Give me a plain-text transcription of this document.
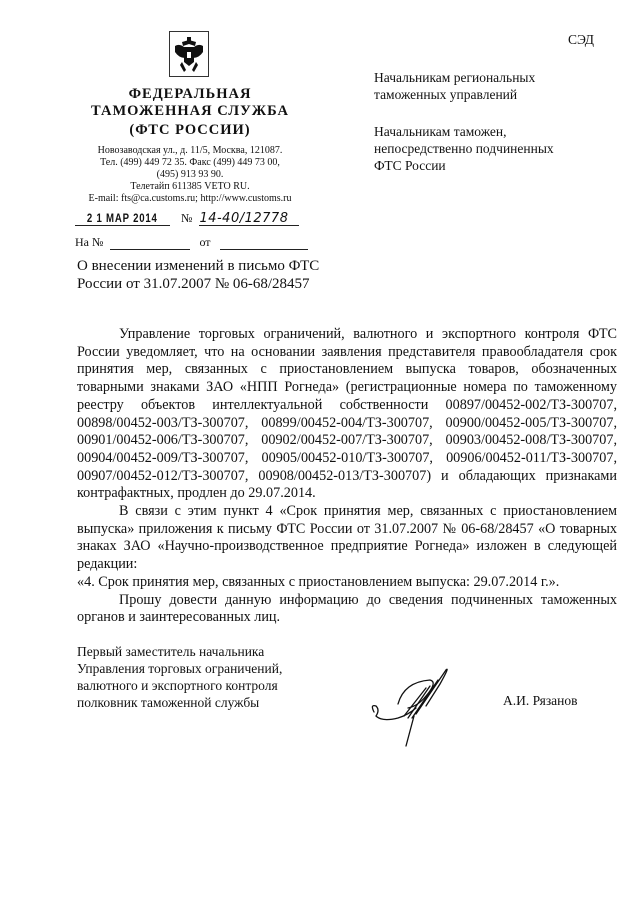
СЭД
ФЕДЕРАЛЬНАЯ
ТАМОЖЕННАЯ СЛУЖБА
(ФТС РОССИИ)
Новозаводская ул., д. 11/5, Москва, 121087.
Тел. (499) 449 72 35. Факс (499) 449 73 00,
(495) 913 93 90.
Телетайп 611385 VETO RU.
E-mail: fts@ca.customs.ru; http://www.customs.ru
2 1 MAP 2014 № 14-40/12778
На №	от
Начальникам региональных
таможенных управлений
Начальникам таможен,
непосредственно подчиненных
ФТС России
О внесении изменений в письмо ФТС
России от 31.07.2007 № 06-68/28457

Управление торговых ограничений, валютного и экспортного контроля ФТС России уведомляет, что на основании заявления представителя правообладателя срок принятия мер, связанных с приостановлением выпуска товаров, обозначенных товарными знаками ЗАО «НПП Рогнеда» (регистрационные номера по таможенному реестру объектов интеллектуальной собственности 00897/00452-002/ТЗ-300707, 00898/00452-003/ТЗ-300707, 00899/00452-004/ТЗ-300707, 00900/00452-005/ТЗ-300707, 00901/00452-006/ТЗ-300707, 00902/00452-007/ТЗ-300707, 00903/00452-008/ТЗ-300707, 00904/00452-009/ТЗ-300707, 00905/00452-010/ТЗ-300707, 00906/00452-011/ТЗ-300707, 00907/00452-012/ТЗ-300707, 00908/00452-013/ТЗ-300707) и обладающих признаками контрафактных, продлен до 29.07.2014.

В связи с этим пункт 4 «Срок принятия мер, связанных с приостановлением выпуска» приложения к письму ФТС России от 31.07.2007 № 06-68/28457 «О товарных знаках ЗАО «Научно-производственное предприятие Рогнеда» изложен в следующей редакции:

«4. Срок принятия мер, связанных с приостановлением выпуска: 29.07.2014 г.».

Прошу довести данную информацию до сведения подчиненных таможенных органов и заинтересованных лиц.

Первый заместитель начальника
Управления торговых ограничений,
валютного и экспортного контроля
полковник таможенной службы	А.И. Рязанов
